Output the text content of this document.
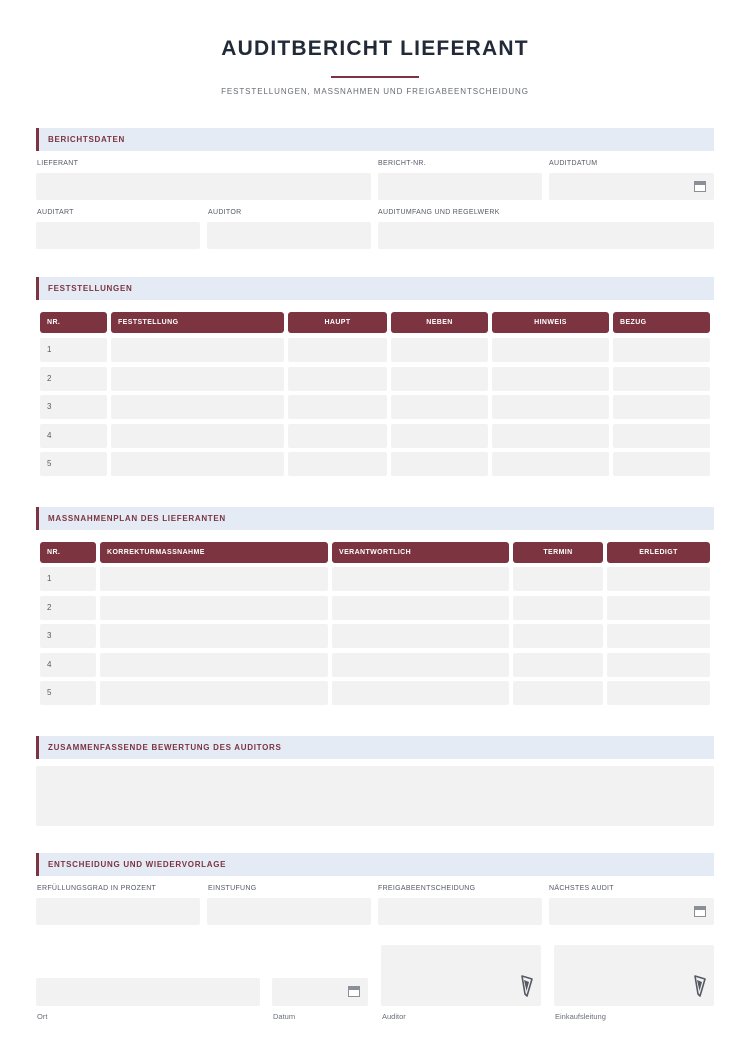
AUDITBERICHT LIEFERANT
FESTSTELLUNGEN, MASSNAHMEN UND FREIGABEENTSCHEIDUNG
BERICHTSDATEN
LIEFERANT	BERICHT-NR.	AUDITDATUM
AUDITART	AUDITOR	AUDITUMFANG UND REGELWERK
FESTSTELLUNGEN
NR.	FESTSTELLUNG	HAUPT	NEBEN	HINWEIS	BEZUG
1
2
3
4
5
MASSNAHMENPLAN DES LIEFERANTEN
NR.	KORREKTURMASSNAHME	VERANTWORTLICH	TERMIN	ERLEDIGT
1
2
3
4
5
ZUSAMMENFASSENDE BEWERTUNG DES AUDITORS
ENTSCHEIDUNG UND WIEDERVORLAGE
ERFÜLLUNGSGRAD IN PROZENT	EINSTUFUNG	FREIGABEENTSCHEIDUNG	NÄCHSTES AUDIT
Ort	Datum	Auditor	Einkaufsleitung
